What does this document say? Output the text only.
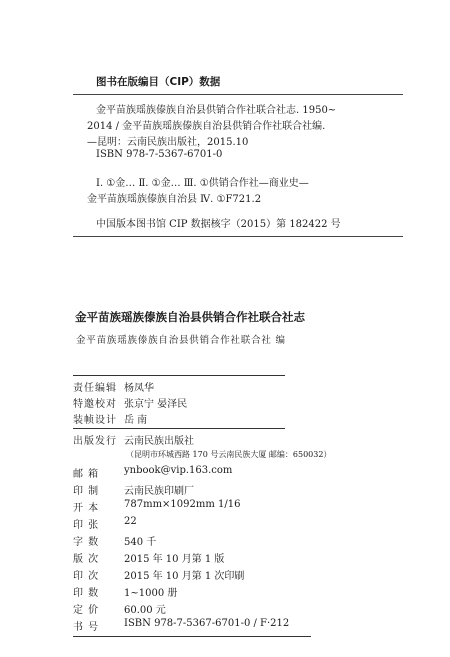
图书在版编目（CIP）数据
金平苗族瑶族傣族自治县供销合作社联合社志. 1950~
2014 / 金平苗族瑶族傣族自治县供销合作社联合社编.
—昆明：云南民族出版社，2015.10
ISBN 978-7-5367-6701-0
Ⅰ. ①金… Ⅱ. ①金… Ⅲ. ①供销合作社—商业史—
金平苗族瑶族傣族自治县 Ⅳ. ①F721.2
中国版本图书馆 CIP 数据核字（2015）第 182422 号
金平苗族瑶族傣族自治县供销合作社联合社志
金平苗族瑶族傣族自治县供销合作社联合社 编
责任编辑 杨凤华
特邀校对 张京宁 晏泽民
装帧设计 岳 南
出版发行 云南民族出版社
（昆明市环城西路 170 号云南民族大厦 邮编：650032）
邮 箱 ynbook@vip.163.com
印 制 云南民族印刷厂
开 本 787mm×1092mm 1/16
印 张 22
字 数 540 千
版 次 2015 年 10 月第 1 版
印 次 2015 年 10 月第 1 次印刷
印 数 1~1000 册
定 价 60.00 元
书 号 ISBN 978-7-5367-6701-0 / F·212
